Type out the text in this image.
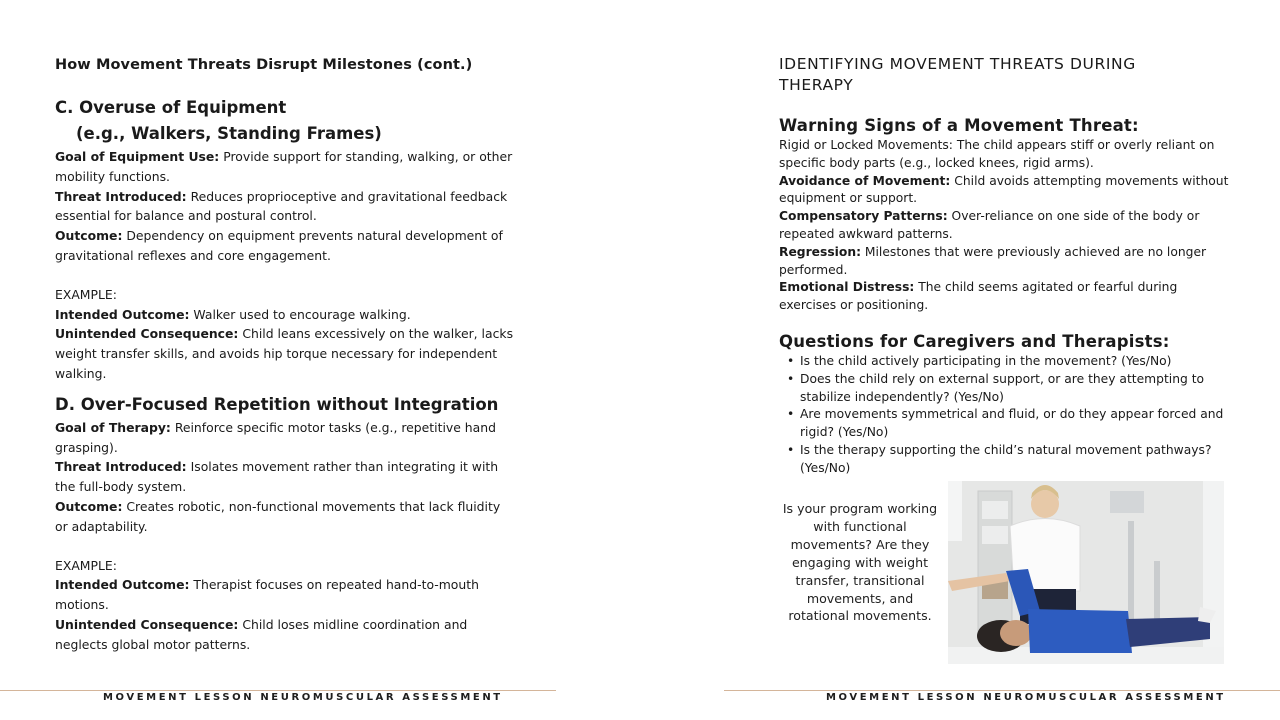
How Movement Threats Disrupt Milestones (cont.)
C. Overuse of Equipment
(e.g., Walkers, Standing Frames)

Goal of Equipment Use: Provide support for standing, walking, or other mobility functions.

Threat Introduced: Reduces proprioceptive and gravitational feedback essential for balance and postural control.

Outcome: Dependency on equipment prevents natural development of gravitational reflexes and core engagement.

EXAMPLE:

Intended Outcome: Walker used to encourage walking.

Unintended Consequence: Child leans excessively on the walker, lacks weight transfer skills, and avoids hip torque necessary for independent walking.

D. Over-Focused Repetition without Integration

Goal of Therapy: Reinforce specific motor tasks (e.g., repetitive hand grasping).

Threat Introduced: Isolates movement rather than integrating it with the full-body system.

Outcome: Creates robotic, non-functional movements that lack fluidity or adaptability.

EXAMPLE:

Intended Outcome: Therapist focuses on repeated hand-to-mouth motions.

Unintended Consequence: Child loses midline coordination and neglects global motor patterns.

MOVEMENT LESSON NEUROMUSCULAR ASSESSMENT
IDENTIFYING MOVEMENT THREATS DURING
THERAPY
Warning Signs of a Movement Threat:

Rigid or Locked Movements: The child appears stiff or overly reliant on specific body parts (e.g., locked knees, rigid arms).

Avoidance of Movement: Child avoids attempting movements without equipment or support.

Compensatory Patterns: Over-reliance on one side of the body or repeated awkward patterns.

Regression: Milestones that were previously achieved are no longer performed.

Emotional Distress: The child seems agitated or fearful during exercises or positioning.

Questions for Caregivers and Therapists:
• Is the child actively participating in the movement? (Yes/No)
• Does the child rely on external support, or are they attempting to stabilize independently? (Yes/No)
• Are movements symmetrical and fluid, or do they appear forced and rigid? (Yes/No)
• Is the therapy supporting the child’s natural movement pathways? (Yes/No)
Is your program working with functional movements? Are they engaging with weight transfer, transitional movements, and rotational movements.
MOVEMENT LESSON NEUROMUSCULAR ASSESSMENT
